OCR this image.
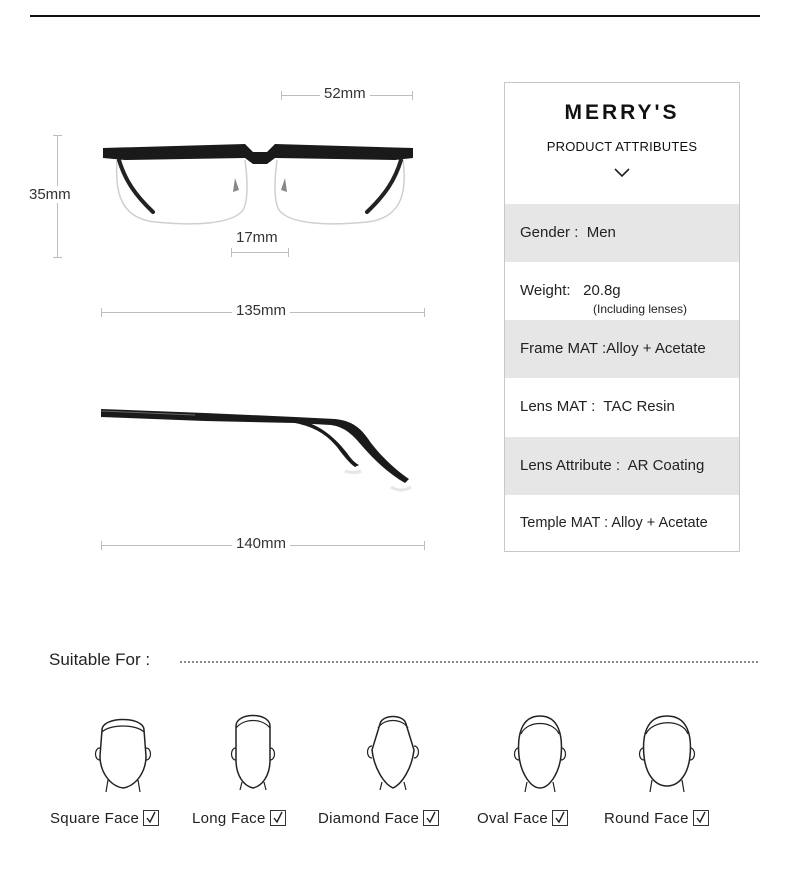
52mm
35mm
17mm
135mm
140mm
MERRY'S
PRODUCT ATTRIBUTES
Gender : Men
Weight: 20.8g
(Including lenses)
Frame MAT :Alloy + Acetate
Lens MAT : TAC Resin
Lens Attribute : AR Coating
Temple MAT : Alloy + Acetate
Suitable For :
Square Face	Long Face	Diamond Face	Oval Face	Round Face
